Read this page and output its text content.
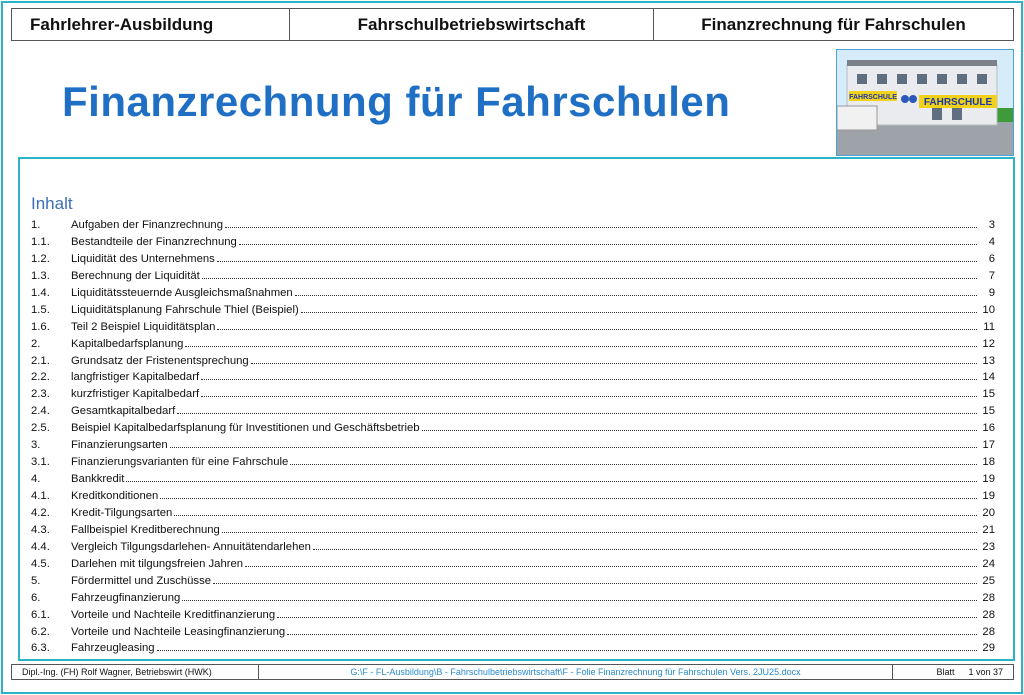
Fahrlehrer-Ausbildung	Fahrschulbetriebswirtschaft	Finanzrechnung für Fahrschulen
Finanzrechnung für Fahrschulen	FAHRSCHULE	FAHRSCHULE
Inhalt
1.	Aufgaben der Finanzrechnung	3
1.1.	Bestandteile der Finanzrechnung	4
1.2.	Liquidität des Unternehmens	6
1.3.	Berechnung der Liquidität	7
1.4.	Liquiditätssteuernde Ausgleichsmaßnahmen	9
1.5.	Liquiditätsplanung Fahrschule Thiel (Beispiel)	10
1.6.	Teil 2 Beispiel Liquiditätsplan	11
2.	Kapitalbedarfsplanung	12
2.1.	Grundsatz der Fristenentsprechung	13
2.2.	langfristiger Kapitalbedarf	14
2.3.	kurzfristiger Kapitalbedarf	15
2.4.	Gesamtkapitalbedarf	15
2.5.	Beispiel Kapitalbedarfsplanung für Investitionen und Geschäftsbetrieb	16
3.	Finanzierungsarten	17
3.1.	Finanzierungsvarianten für eine Fahrschule	18
4.	Bankkredit	19
4.1.	Kreditkonditionen	19
4.2.	Kredit-Tilgungsarten	20
4.3.	Fallbeispiel Kreditberechnung	21
4.4.	Vergleich Tilgungsdarlehen- Annuitätendarlehen	23
4.5.	Darlehen mit tilgungsfreien Jahren	24
5.	Fördermittel und Zuschüsse	25
6.	Fahrzeugfinanzierung	28
6.1.	Vorteile und Nachteile Kreditfinanzierung	28
6.2.	Vorteile und Nachteile Leasingfinanzierung	28
6.3.	Fahrzeugleasing	29
Dipl.-Ing. (FH) Rolf Wagner, Betriebswirt (HWK)	G:\F - FL-Ausbildung\B - Fahrschulbetriebswirtschaft\F - Folie Finanzrechnung für Fahrschulen Vers. 2JU25.docx	Blatt 1 von 37
